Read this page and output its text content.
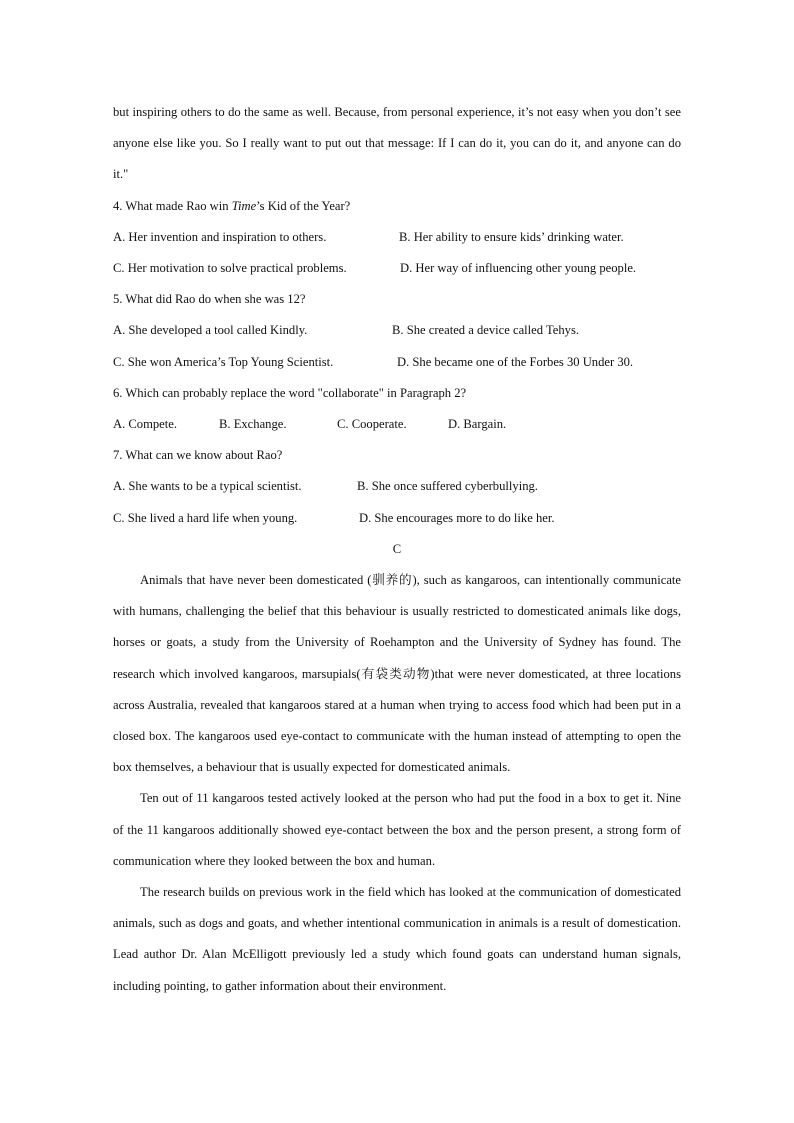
but inspiring others to do the same as well. Because, from personal experience, it’s not easy when you don’t see anyone else like you. So I really want to put out that message: If I can do it, you can do it, and anyone can do it."

4. What made Rao win Time’s Kid of the Year?

A. Her invention and inspiration to others.	B. Her ability to ensure kids’ drinking water.

C. Her motivation to solve practical problems.	D. Her way of influencing other young people.

5. What did Rao do when she was 12?

A. She developed a tool called Kindly.	B. She created a device called Tehys.

C. She won America’s Top Young Scientist.	D. She became one of the Forbes 30 Under 30.

6. Which can probably replace the word "collaborate" in Paragraph 2?

A. Compete.	B. Exchange.	C. Cooperate.	D. Bargain.

7. What can we know about Rao?

A. She wants to be a typical scientist.	B. She once suffered cyberbullying.

C. She lived a hard life when young.	D. She encourages more to do like her.

C

Animals that have never been domesticated (驯养的), such as kangaroos, can intentionally communicate with humans, challenging the belief that this behaviour is usually restricted to domesticated animals like dogs, horses or goats, a study from the University of Roehampton and the University of Sydney has found. The research which involved kangaroos, marsupials(有袋类动物)that were never domesticated, at three locations across Australia, revealed that kangaroos stared at a human when trying to access food which had been put in a closed box. The kangaroos used eye-contact to communicate with the human instead of attempting to open the box themselves, a behaviour that is usually expected for domesticated animals.

Ten out of 11 kangaroos tested actively looked at the person who had put the food in a box to get it. Nine of the 11 kangaroos additionally showed eye-contact between the box and the person present, a strong form of communication where they looked between the box and human.

The research builds on previous work in the field which has looked at the communication of domesticated animals, such as dogs and goats, and whether intentional communication in animals is a result of domestication. Lead author Dr. Alan McElligott previously led a study which found goats can understand human signals, including pointing, to gather information about their environment.
